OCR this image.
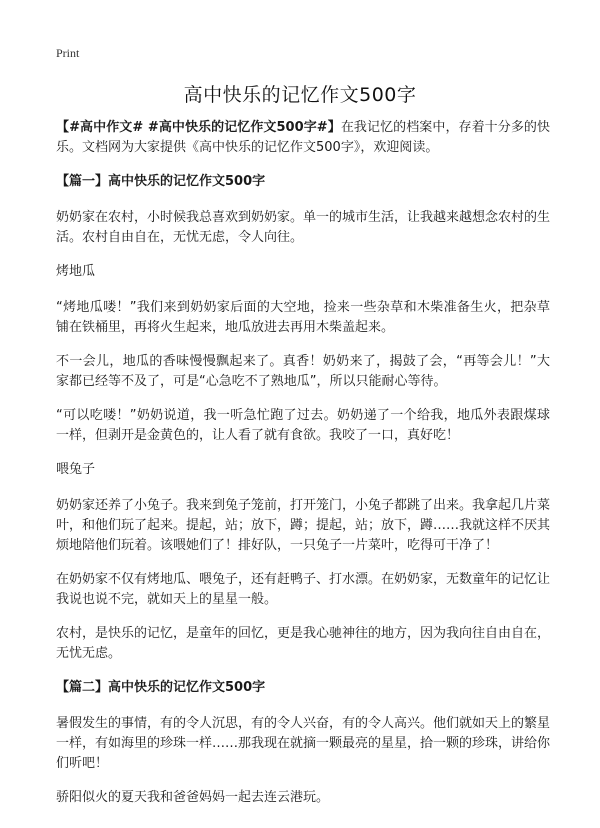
Print
高中快乐的记忆作文500字

【#高中作文# #高中快乐的记忆作文500字#】在我记忆的档案中，存着十分多的快乐。文档网为大家提供《高中快乐的记忆作文500字》，欢迎阅读。

【篇一】高中快乐的记忆作文500字

奶奶家在农村，小时候我总喜欢到奶奶家。单一的城市生活，让我越来越想念农村的生活。农村自由自在，无忧无虑，令人向往。

烤地瓜

“烤地瓜喽！”我们来到奶奶家后面的大空地，捡来一些杂草和木柴准备生火，把杂草铺在铁桶里，再将火生起来，地瓜放进去再用木柴盖起来。

不一会儿，地瓜的香味慢慢飘起来了。真香！奶奶来了，揭鼓了会，“再等会儿！”大家都已经等不及了，可是“心急吃不了熟地瓜”，所以只能耐心等待。

“可以吃喽！”奶奶说道，我一听急忙跑了过去。奶奶递了一个给我，地瓜外表跟煤球一样，但剥开是金黄色的，让人看了就有食欲。我咬了一口，真好吃！

喂兔子

奶奶家还养了小兔子。我来到兔子笼前，打开笼门，小兔子都跳了出来。我拿起几片菜叶，和他们玩了起来。提起，站；放下，蹲；提起，站；放下，蹲……我就这样不厌其烦地陪他们玩着。该喂她们了！排好队，一只兔子一片菜叶，吃得可干净了！

在奶奶家不仅有烤地瓜、喂兔子，还有赶鸭子、打水漂。在奶奶家，无数童年的记忆让我说也说不完，就如天上的星星一般。

农村，是快乐的记忆，是童年的回忆，更是我心驰神往的地方，因为我向往自由自在，无忧无虑。

【篇二】高中快乐的记忆作文500字

暑假发生的事情，有的令人沉思，有的令人兴奋，有的令人高兴。他们就如天上的繁星一样，有如海里的珍珠一样……那我现在就摘一颗最亮的星星，拾一颗的珍珠，讲给你们听吧！

骄阳似火的夏天我和爸爸妈妈一起去连云港玩。
